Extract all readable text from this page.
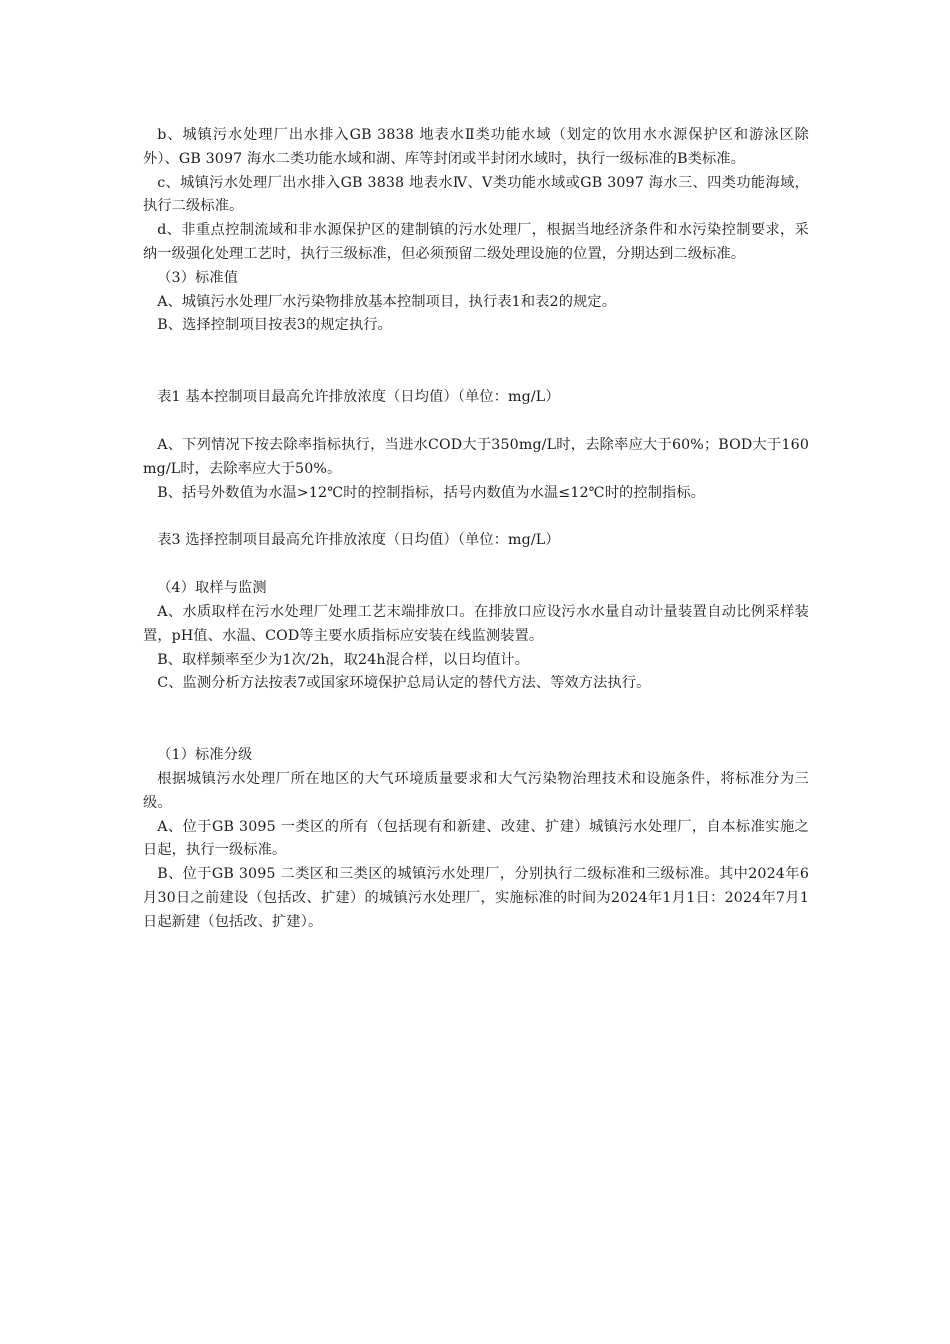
b、城镇污水处理厂出水排入GB 3838 地表水Ⅱ类功能水域（划定的饮用水水源保护区和游泳区除外）、GB 3097 海水二类功能水域和湖、库等封闭或半封闭水域时，执行一级标准的B类标准。

c、城镇污水处理厂出水排入GB 3838 地表水Ⅳ、Ⅴ类功能水域或GB 3097 海水三、四类功能海域，执行二级标准。

d、非重点控制流域和非水源保护区的建制镇的污水处理厂，根据当地经济条件和水污染控制要求，采纳一级强化处理工艺时，执行三级标准，但必须预留二级处理设施的位置，分期达到二级标准。

（3）标准值

A、城镇污水处理厂水污染物排放基本控制项目，执行表1和表2的规定。

B、选择控制项目按表3的规定执行。

表1 基本控制项目最高允许排放浓度（日均值）（单位：mg/L）

A、下列情况下按去除率指标执行，当进水COD大于350mg/L时，去除率应大于60%；BOD大于160mg/L时，去除率应大于50%。

B、括号外数值为水温>12℃时的控制指标，括号内数值为水温≤12℃时的控制指标。

表3 选择控制项目最高允许排放浓度（日均值）（单位：mg/L）

（4）取样与监测

A、水质取样在污水处理厂处理工艺末端排放口。在排放口应设污水水量自动计量装置自动比例采样装置，pH值、水温、COD等主要水质指标应安装在线监测装置。

B、取样频率至少为1次/2h，取24h混合样，以日均值计。

C、监测分析方法按表7或国家环境保护总局认定的替代方法、等效方法执行。

（1）标准分级

根据城镇污水处理厂所在地区的大气环境质量要求和大气污染物治理技术和设施条件，将标准分为三级。

A、位于GB 3095 一类区的所有（包括现有和新建、改建、扩建）城镇污水处理厂，自本标准实施之日起，执行一级标准。

B、位于GB 3095 二类区和三类区的城镇污水处理厂，分别执行二级标准和三级标准。其中2024年6月30日之前建设（包括改、扩建）的城镇污水处理厂，实施标准的时间为2024年1月1日：2024年7月1日起新建（包括改、扩建）。
